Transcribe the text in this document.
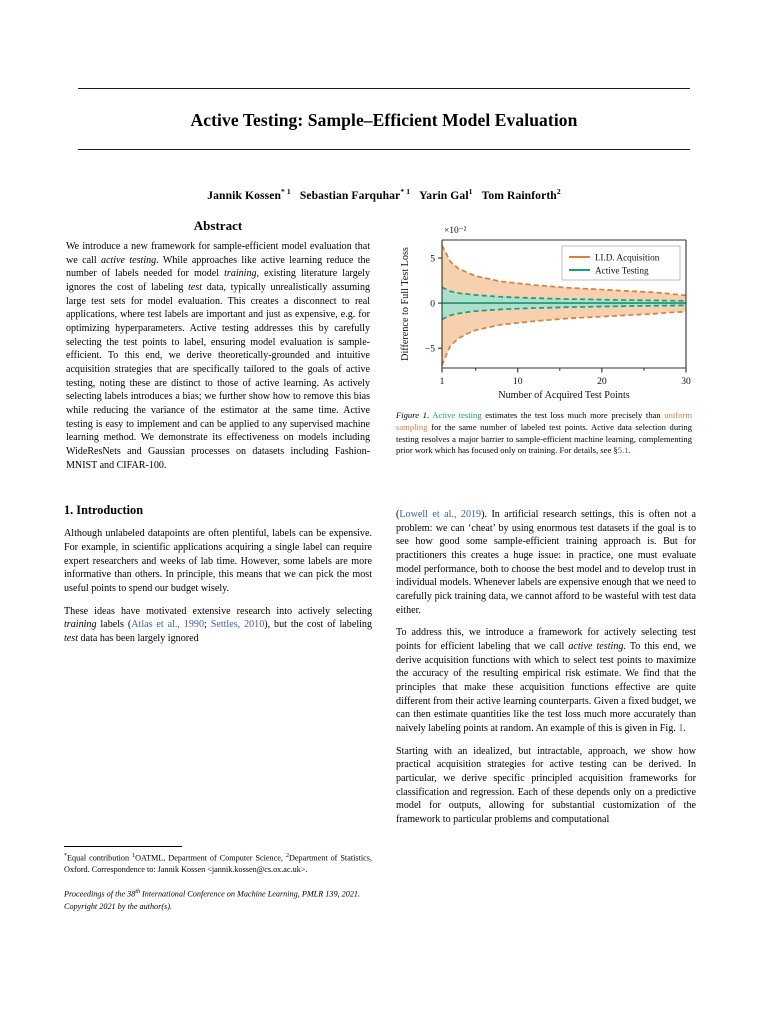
Active Testing: Sample–Efficient Model Evaluation
Jannik Kossen$^{* 1}$ Sebastian Farquhar$^{* 1}$ Yarin Gal$^1$ Tom Rainforth$^2$
Abstract

We introduce a new framework for sample-efficient model evaluation that we call active testing. While approaches like active learning reduce the number of labels needed for model training, existing literature largely ignores the cost of labeling test data, typically unrealistically assuming large test sets for model evaluation. This creates a disconnect to real applications, where test labels are important and just as expensive, e.g. for optimizing hyperparameters. Active testing addresses this by carefully selecting the test points to label, ensuring model evaluation is sample-efficient. To this end, we derive theoretically-grounded and intuitive acquisition strategies that are specifically tailored to the goals of active testing, noting these are distinct to those of active learning. As actively selecting labels introduces a bias; we further show how to remove this bias while reducing the variance of the estimator at the same time. Active testing is easy to implement and can be applied to any supervised machine learning method. We demonstrate its effectiveness on models including WideResNets and Gaussian processes on datasets including Fashion-MNIST and CIFAR-100.

1. Introduction

Although unlabeled datapoints are often plentiful, labels can be expensive. For example, in scientific applications acquiring a single label can require expert researchers and weeks of lab time. However, some labels are more informative than others. In principle, this means that we can pick the most useful points to spend our budget wisely.

These ideas have motivated extensive research into actively selecting training labels (Atlas et al., 1990; Settles, 2010), but the cost of labeling test data has been largely ignored

−5
0
5
1	10	20	30
×10⁻²
Number of Acquired Test Points
Difference to Full Test Loss	I.I.D. Acquisition
Active Testing

Figure 1. Active testing estimates the test loss much more precisely than uniform sampling for the same number of labeled test points. Active data selection during testing resolves a major barrier to sample-efficient machine learning, complementing prior work which has focused only on training. For details, see §5.1.

(Lowell et al., 2019). In artificial research settings, this is often not a problem: we can ‘cheat’ by using enormous test datasets if the goal is to see how good some sample-efficient training approach is. But for practitioners this creates a huge issue: in practice, one must evaluate model performance, both to choose the best model and to develop trust in individual models. Whenever labels are expensive enough that we need to carefully pick training data, we cannot afford to be wasteful with test data either.

To address this, we introduce a framework for actively selecting test points for efficient labeling that we call active testing. To this end, we derive acquisition functions with which to select test points to maximize the accuracy of the resulting empirical risk estimate. We find that the principles that make these acquisition functions effective are quite different from their active learning counterparts. Given a fixed budget, we can then estimate quantities like the test loss much more accurately than naively labeling points at random. An example of this is given in Fig. 1.

Starting with an idealized, but intractable, approach, we show how practical acquisition strategies for active testing can be derived. In particular, we derive specific principled acquisition frameworks for classification and regression. Each of these depends only on a predictive model for outputs, allowing for substantial customization of the framework to particular problems and computational

*Equal contribution $^1$OATML, Department of Computer Science, $^2$Department of Statistics, Oxford. Correspondence to: Jannik Kossen <jannik.kossen@cs.ox.ac.uk>.

Proceedings of the 38th International Conference on Machine Learning, PMLR 139, 2021. Copyright 2021 by the author(s).
